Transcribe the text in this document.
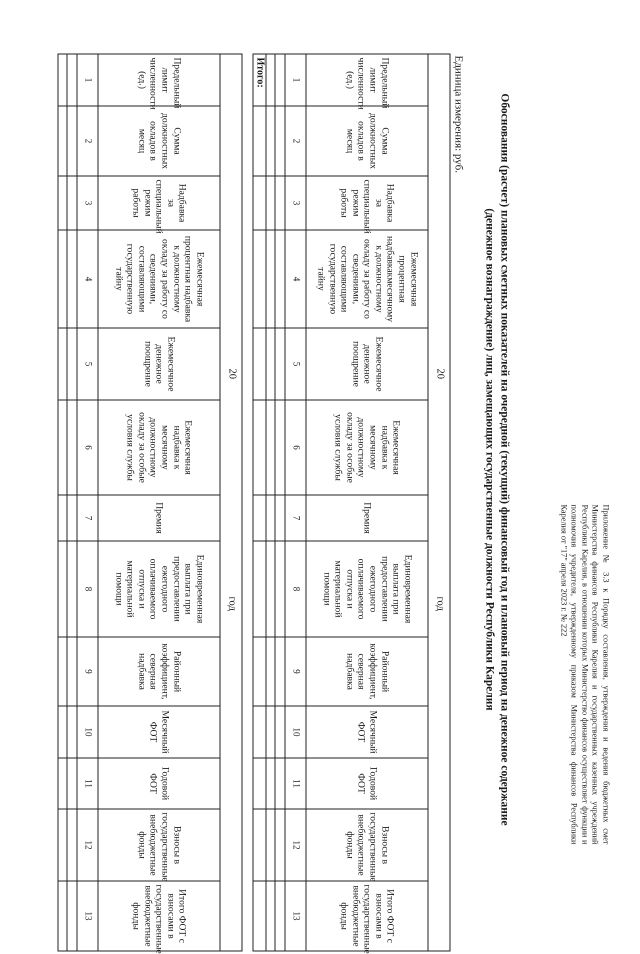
Приложение № 3.3 к Порядку составления, утверждения и ведения бюджетных смет Министерства финансов Республики Карелия и государственных казенных учреждений Республики Карелия, в отношении которых Министерство финансов осуществляет функции и полномочия учредителя, утвержденному приказом Министерства финансов Республики Карелия от "17" апреля 2023 г. № 222
Обоснования (расчет) плановых сметных показателей на очередной (текущий) финансовый год и плановый период на денежное содержание
(денежное вознаграждение) лиц, замещающих государственные должности Республики Карелия
Единица измерения: руб.
20
год												

Предельный лимит численности (ед.)	Сумма должностных окладов в месяц	Надбавка за специальный режим работы	Ежемесячная процентная надбавкакмесячному к должностному окладу за работу со сведениями, составляющими государственную тайну	Ежемесячное денежное поощрение	Ежемесячная надбавка к месячному должностному окладу за особые условия службы	Премия	Единовременная выплата при предоставлении ежегодного оплачиваемого отпуска и материальной помощи	Районный коэффициент, северная надбавка	Месячный ФОТ	Годовой ФОТ	Взносы в государственные внебюджетные фонды	Итого ФОТ с взносами в государственные внебюджетные фонды
1	2	3	4	5	6	7	8	9	10	11	12	13

Итого:												
20
год												

Предельный лимит численности (ед.)	Сумма должностных окладов в месяц	Надбавка за специальный режим работы	Ежемесячная процентная надбавка к должностному окладу за работу со сведениями, составляющими государственную тайну	Ежемесячное денежное поощрение	Ежемесячная надбавка к месячному должностному окладу за особые условия службы	Премия	Единовременная выплата при предоставлении ежегодного оплачиваемого отпуска и материальной помощи	Районный коэффициент, северная надбавка	Месячный ФОТ	Годовой ФОТ	Взносы в государственные внебюджетные фонды	Итого ФОТ с взносами в государственные внебюджетные фонды
1	2	3	4	5	6	7	8	9	10	11	12	13
